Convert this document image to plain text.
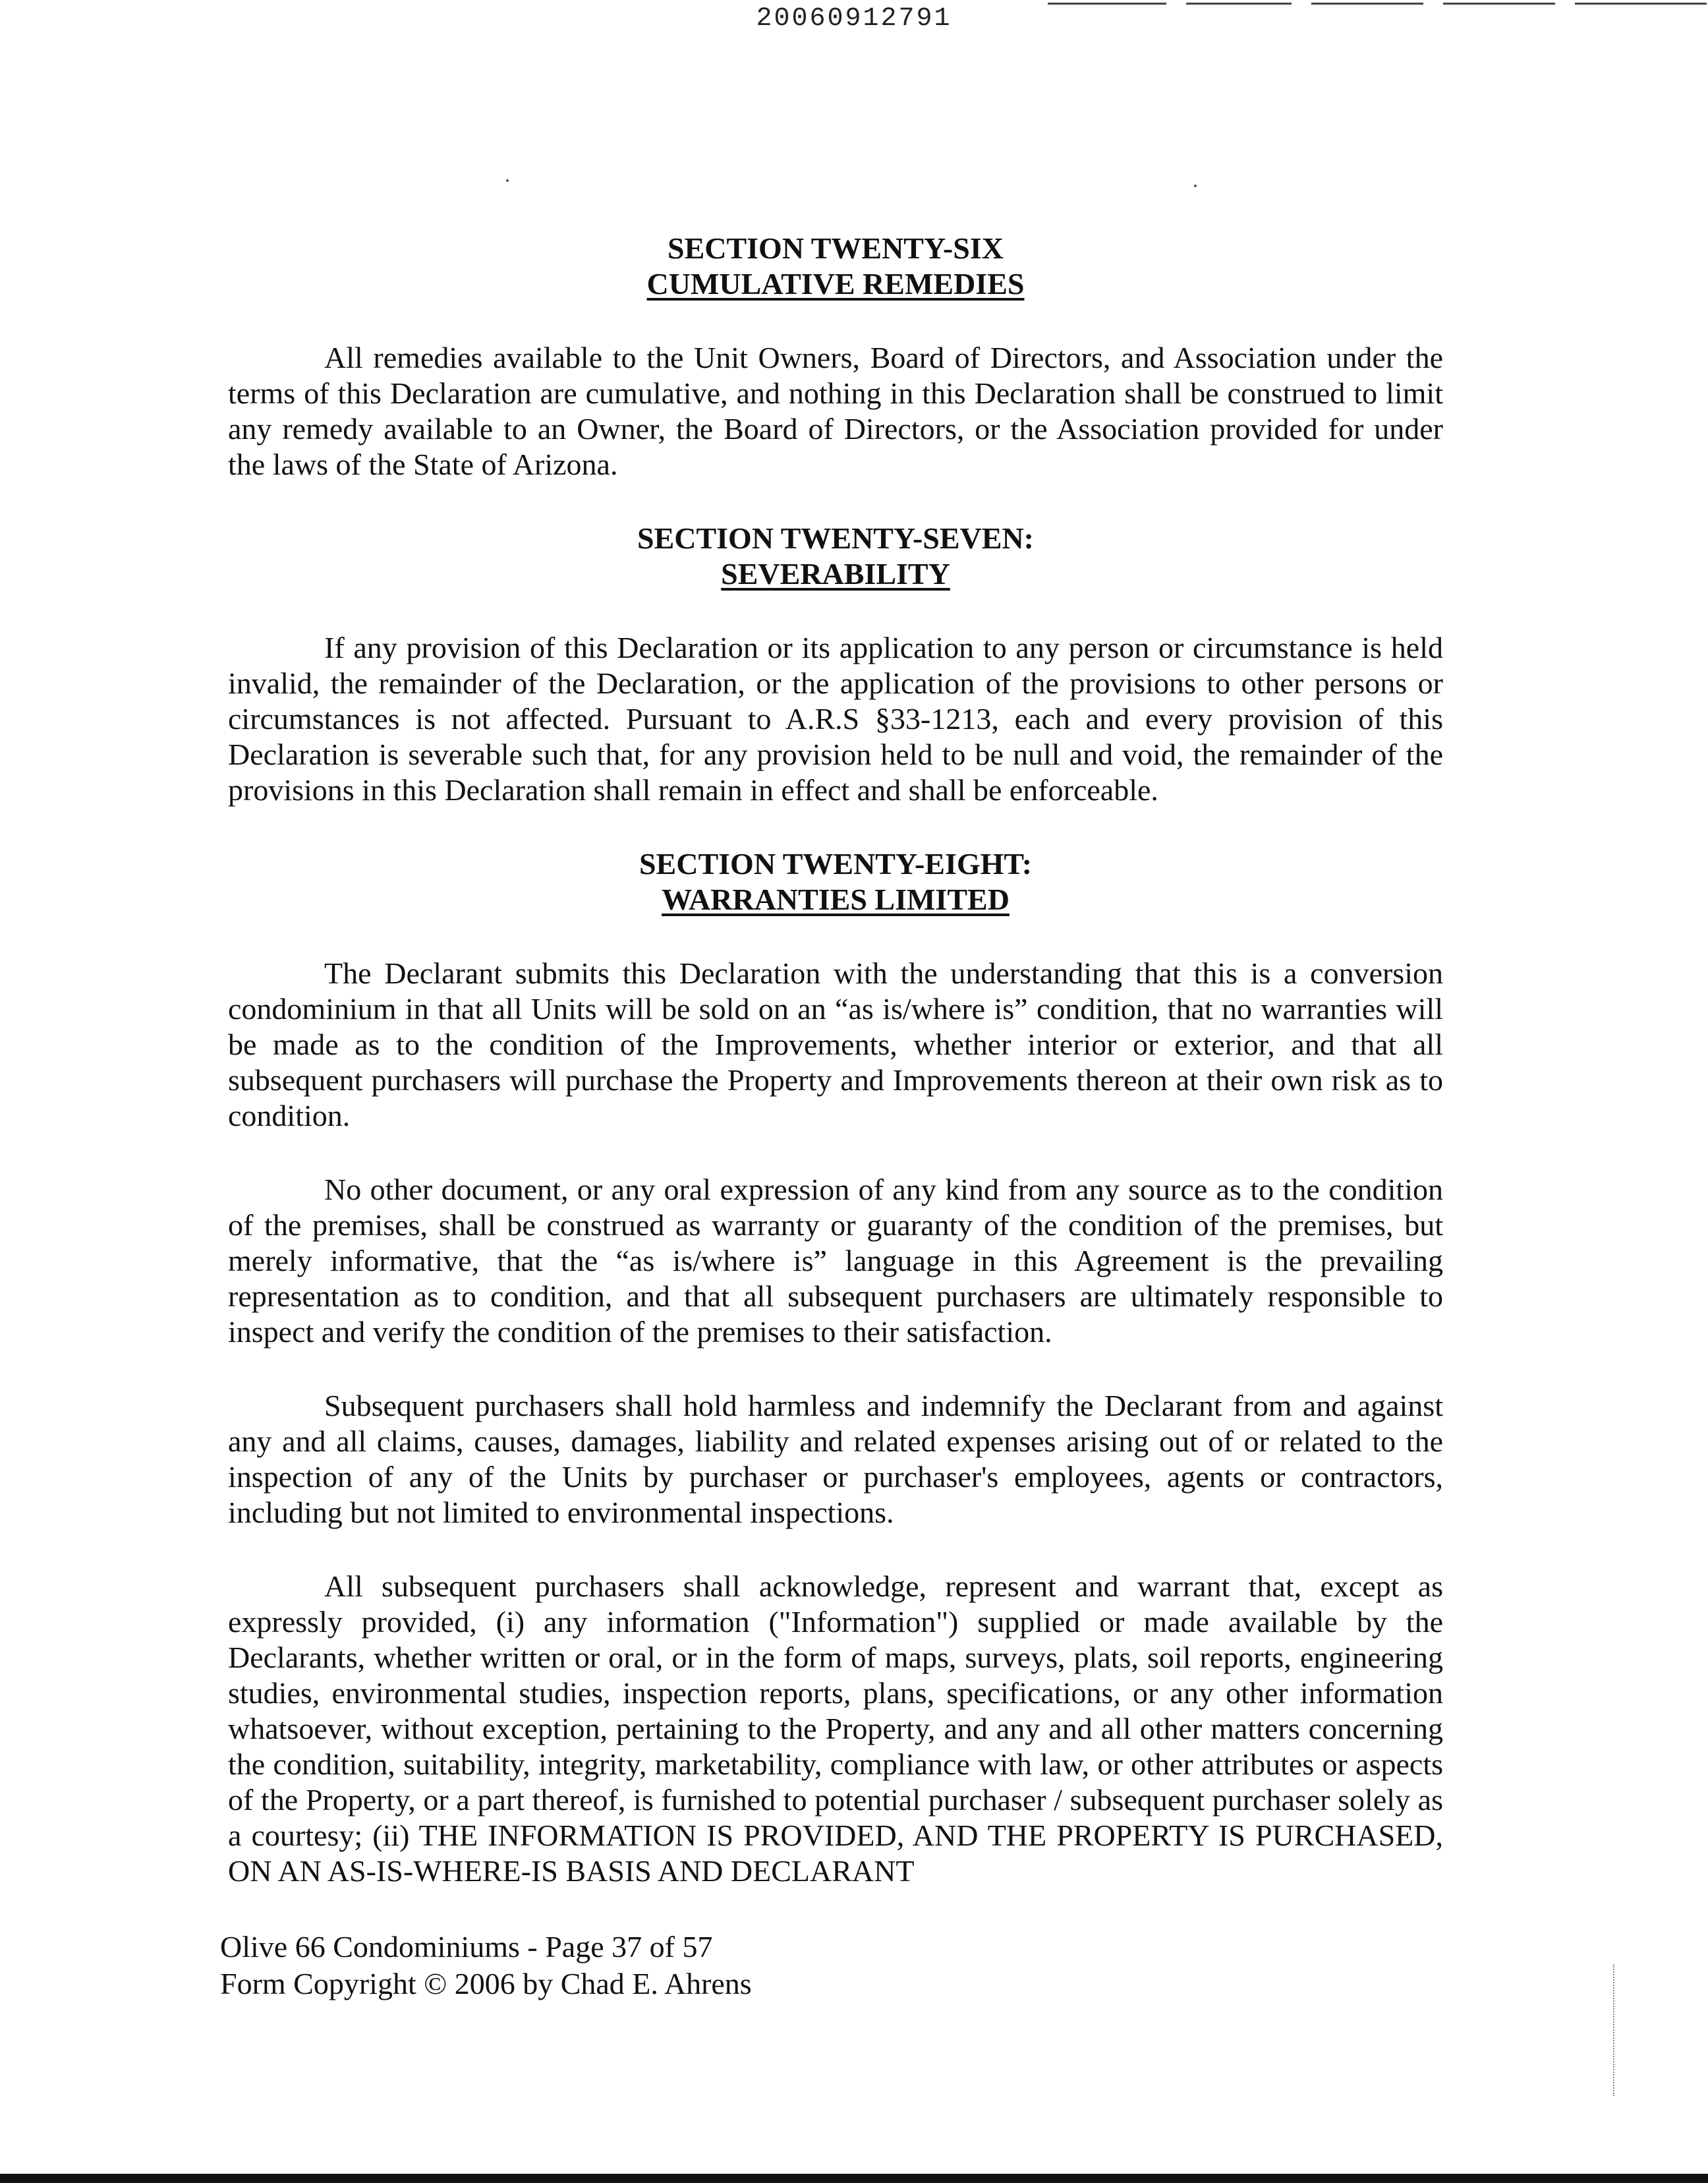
20060912791
SECTION TWENTY-SIX
CUMULATIVE REMEDIES

All remedies available to the Unit Owners, Board of Directors, and Association under the terms of this Declaration are cumulative, and nothing in this Declaration shall be construed to limit any remedy available to an Owner, the Board of Directors, or the Association provided for under the laws of the State of Arizona.

SECTION TWENTY-SEVEN:
SEVERABILITY

If any provision of this Declaration or its application to any person or circumstance is held invalid, the remainder of the Declaration, or the application of the provisions to other persons or circumstances is not affected. Pursuant to A.R.S §33-1213, each and every provision of this Declaration is severable such that, for any provision held to be null and void, the remainder of the provisions in this Declaration shall remain in effect and shall be enforceable.

SECTION TWENTY-EIGHT:
WARRANTIES LIMITED

The Declarant submits this Declaration with the understanding that this is a conversion condominium in that all Units will be sold on an “as is/where is” condition, that no warranties will be made as to the condition of the Improvements, whether interior or exterior, and that all subsequent purchasers will purchase the Property and Improvements thereon at their own risk as to condition.

No other document, or any oral expression of any kind from any source as to the condition of the premises, shall be construed as warranty or guaranty of the condition of the premises, but merely informative, that the “as is/where is” language in this Agreement is the prevailing representation as to condition, and that all subsequent purchasers are ultimately responsible to inspect and verify the condition of the premises to their satisfaction.

Subsequent purchasers shall hold harmless and indemnify the Declarant from and against any and all claims, causes, damages, liability and related expenses arising out of or related to the inspection of any of the Units by purchaser or purchaser's employees, agents or contractors, including but not limited to environmental inspections.

All subsequent purchasers shall acknowledge, represent and warrant that, except as expressly provided, (i) any information ("Information") supplied or made available by the Declarants, whether written or oral, or in the form of maps, surveys, plats, soil reports, engineering studies, environmental studies, inspection reports, plans, specifications, or any other information whatsoever, without exception, pertaining to the Property, and any and all other matters concerning the condition, suitability, integrity, marketability, compliance with law, or other attributes or aspects of the Property, or a part thereof, is furnished to potential purchaser / subsequent purchaser solely as a courtesy; (ii) THE INFORMATION IS PROVIDED, AND THE PROPERTY IS PURCHASED, ON AN AS-IS-WHERE-IS BASIS AND DECLARANT

Olive 66 Condominiums - Page 37 of 57
Form Copyright © 2006 by Chad E. Ahrens
